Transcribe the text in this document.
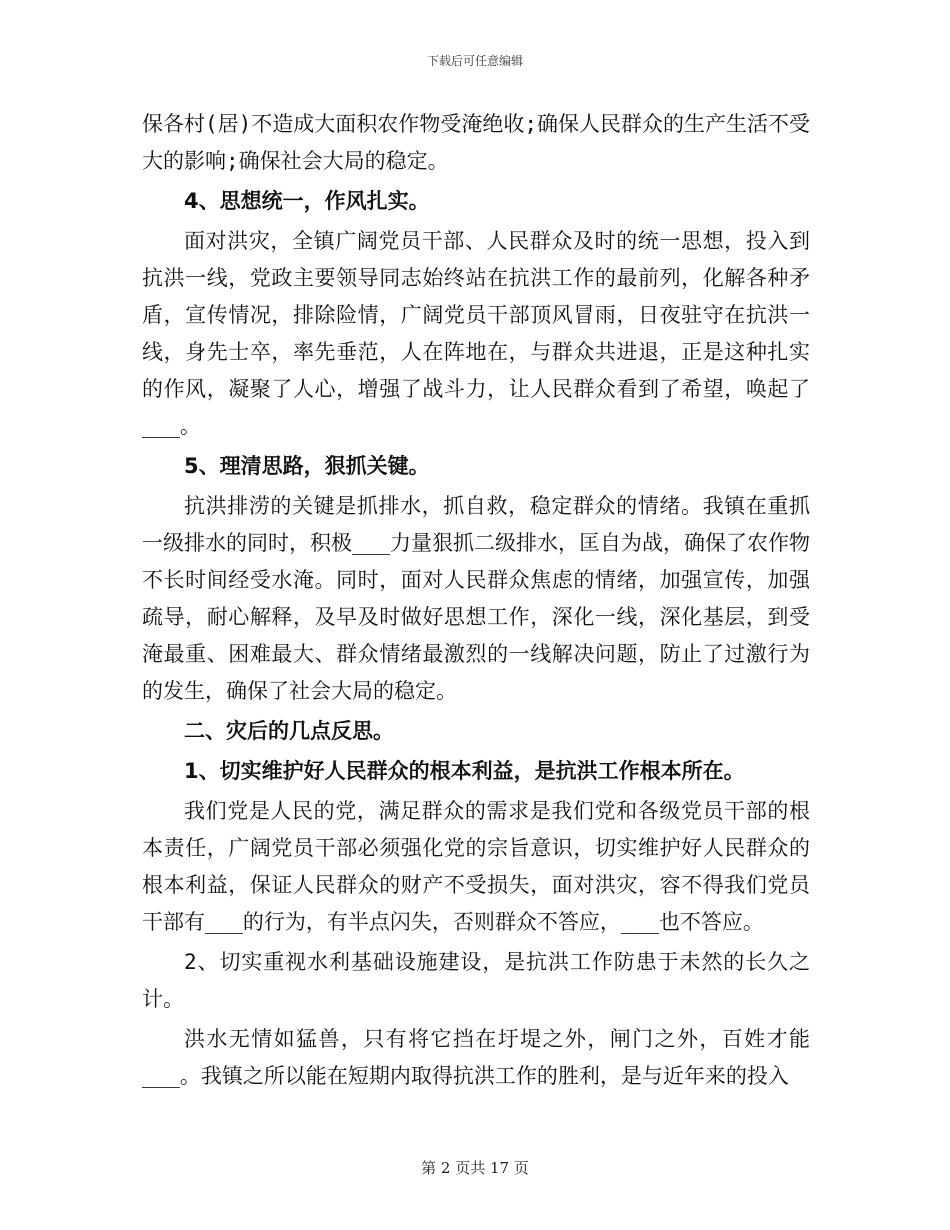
下载后可任意编辑

保各村(居)不造成大面积农作物受淹绝收;确保人民群众的生产生活不受大的影响;确保社会大局的稳定。

4、思想统一，作风扎实。

面对洪灾，全镇广阔党员干部、人民群众及时的统一思想，投入到抗洪一线，党政主要领导同志始终站在抗洪工作的最前列，化解各种矛盾，宣传情况，排除险情，广阔党员干部顶风冒雨，日夜驻守在抗洪一线，身先士卒，率先垂范，人在阵地在，与群众共进退，正是这种扎实的作风，凝聚了人心，增强了战斗力，让人民群众看到了希望，唤起了___。

5、理清思路，狠抓关键。

抗洪排涝的关键是抓排水，抓自救，稳定群众的情绪。我镇在重抓一级排水的同时，积极___力量狠抓二级排水，匡自为战，确保了农作物不长时间经受水淹。同时，面对人民群众焦虑的情绪，加强宣传，加强疏导，耐心解释，及早及时做好思想工作，深化一线，深化基层，到受淹最重、困难最大、群众情绪最激烈的一线解决问题，防止了过激行为的发生，确保了社会大局的稳定。

二、灾后的几点反思。

1、切实维护好人民群众的根本利益，是抗洪工作根本所在。

我们党是人民的党，满足群众的需求是我们党和各级党员干部的根本责任，广阔党员干部必须强化党的宗旨意识，切实维护好人民群众的根本利益，保证人民群众的财产不受损失，面对洪灾，容不得我们党员干部有___的行为，有半点闪失，否则群众不答应，___也不答应。

2、切实重视水利基础设施建设，是抗洪工作防患于未然的长久之计。

洪水无情如猛兽，只有将它挡在圩堤之外，闸门之外，百姓才能___。我镇之所以能在短期内取得抗洪工作的胜利，是与近年来的投入

第 2 页共 17 页
